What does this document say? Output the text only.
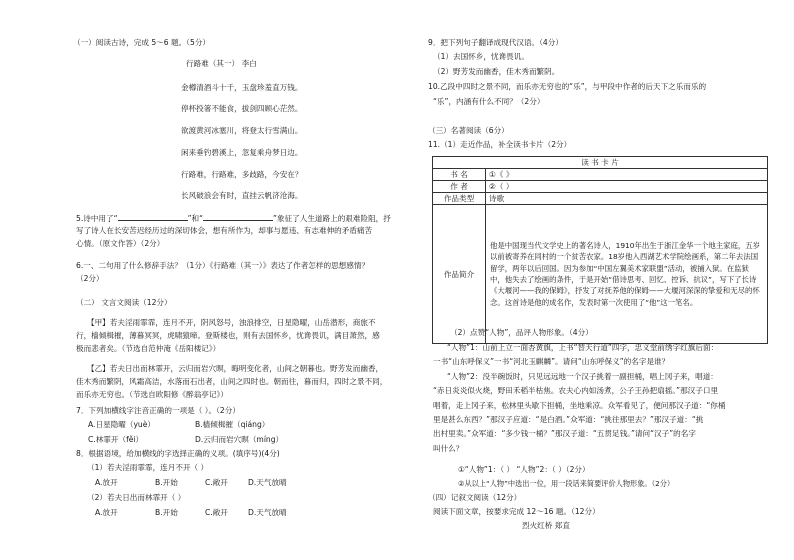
（一）阅读古诗，完成 5～6 题。（5分）
行路难（其一） 李白
金樽清酒斗十千，玉盘珍羞直万钱。
停杯投箸不能食，拔剑四顾心茫然。
欲渡黄河冰塞川，将登太行雪满山。
闲来垂钓碧溪上，忽复乘舟梦日边。
行路难，行路难，多歧路，今安在？
长风破浪会有时，直挂云帆济沧海。
5.诗中用了“	”和“	”象征了人生道路上的艰难险阻，抒
写了诗人在长安苦迟经历过的深切体会，想有所作为，却事与愿违、有志难伸的矛盾痛苦
心情。（原文作答）（2分）
6.一、二句用了什么修辞手法？（1分）《行路难（其一）》表达了作者怎样的思想感情？
（2分）
（二） 文言文阅读（12分）
【甲】若夫淫雨霏霏，连月不开，阴风怒号，浊浪排空，日星隐曜，山岳潜形，商旅不
行，樯倾楫摧，薄暮冥冥，虎啸猿啼。登斯楼也，则有去国怀乡，忧谗畏讥，满目萧然，感
极而悲者矣。（节选自范仲淹《岳阳楼记》）
【乙】若夫日出而林霏开，云归而岩穴暝，晦明变化者，山间之朝暮也。野芳发而幽香，
佳木秀而繁阴，风霜高洁，水落而石出者，山间之四时也。朝而往，暮而归，四时之景不同，
而乐亦无穷也。（节选自欧阳修《醉翁亭记》）
7．下列加横线字注音正确的一项是（ ）。（2分）
A.日星隐曜（yuè）	B.樯倾楫摧（qiáng）
C.林霏开（fěi）	D.云归而岩穴暝（míng）
8．根据语境，给加横线的字选择正确的义项。(填序号)(4分)
（1）若夫淫雨霏霏，连月不开（ ）
A.放开	B.开始	C.敞开	D.天气放晴
（2）若夫日出而林霏开（ ）
A.放开	B.开始	C.敞开	D.天气放晴
9．把下列句子翻译成现代汉语。（4分）
（1）去国怀乡，忧谗畏讥。
（2）野芳发而幽香，佳木秀而繁阴。
10.乙段中四时之景不同，而乐亦无穷也的“乐”，与甲段中作者的后天下之乐而乐的
“乐”，内涵有什么不同？（2分）
（三）名著阅读（6分）
11.（1）走近作品，补全读书卡片（2分）
读 书 卡 片	
书 名	①《 》
作 者	②（ ）
作品类型	诗歌
作品简介	他是中国现当代文学史上的著名诗人，1910年出生于浙江金华一个地主家庭，五岁以前被寄养在同村的一个贫苦农家。18岁他入西湖艺术学院绘画系，第二年去法国留学，两年以后回国。因为参加“中国左翼美术家联盟”活动，被捕入狱。在监狱中，他失去了绘画的条件，于是开始“借诗思考、回忆、控诉、抗议”，写下了长诗《大堰河——我的保姆》，抒发了对抚养他的保姆——大堰河深深的挚爱和无尽的怀念。这首诗是他的成名作，发表时第一次使用了“他”这一笔名。
（2）点赞“人物”，品评人物形象。（4分）
“人物”1：山前上立一面杏黄旗，上书“替天行道”四字，忠义堂前绣字红旗后面：
一书“山东呼保义”一书“河北玉麒麟”。请问“山东呼保义”的名字是谁？
“人物”2：没半碗饭时，只见远远地一个汉子挑着一副担桶，唱上冈子来，唱道：
“赤日炎炎似火烧，野田禾稻半枯焦。农夫心内如汤煮，公子王孙把扇摇。”那汉子口里
唱着，走上冈子来，松林里头歇下担桶，坐地乘凉。众军看见了，便问那汉子道：“你桶
里是甚么东西？”那汉子应道：“是白酒。”众军道：“挑往那里去？”那汉子道：“挑
出村里卖。”众军道：“多少钱一桶？”那汉子道：“五贯足钱。”请问“汉子”的名字
叫什么？
①“人物”1：（ ） “人物”2：（ ）（2分）
②从以上“人物”中选出一位，用一段话来简要评价人物形象。（2分）
（四）记叙文阅读（12分）
阅读下面文章，按要求完成 12～16 题。（12分）
烈火红桥 郑直
